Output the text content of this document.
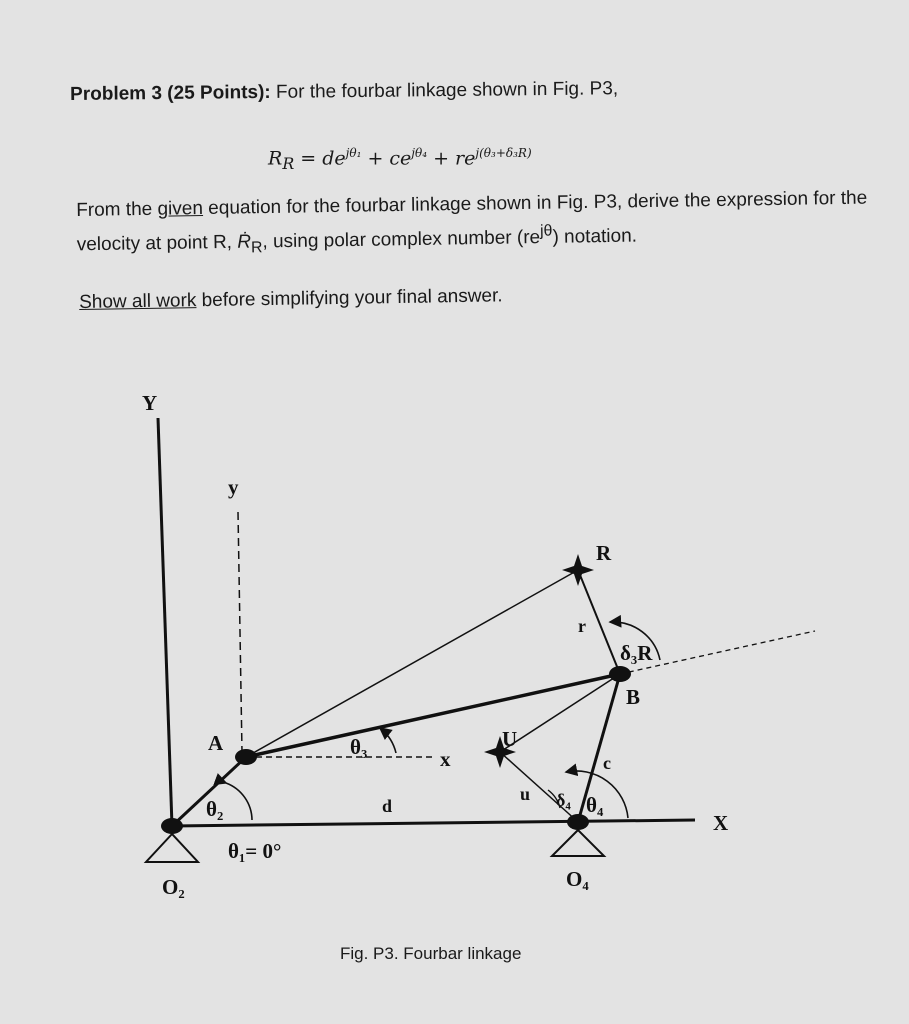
Problem 3 (25 Points): For the fourbar linkage shown in Fig. P3,
$R_R = de^{j\theta_1} + ce^{j\theta_4} + re^{j(\theta_3+\delta_3R)}$
From the given equation for the fourbar linkage shown in Fig. P3, derive the expression for the velocity at point R, Ṙ$_R$, using polar complex number $(re^{j\theta})$ notation.
Show all work before simplifying your final answer.
Y
X
y
x
R
r
B
A	U
u
c
d
O₂	O₄
θ₁= 0°
θ₂
θ₃
θ₄
δ₄
δ₃R
Fig. P3. Fourbar linkage
